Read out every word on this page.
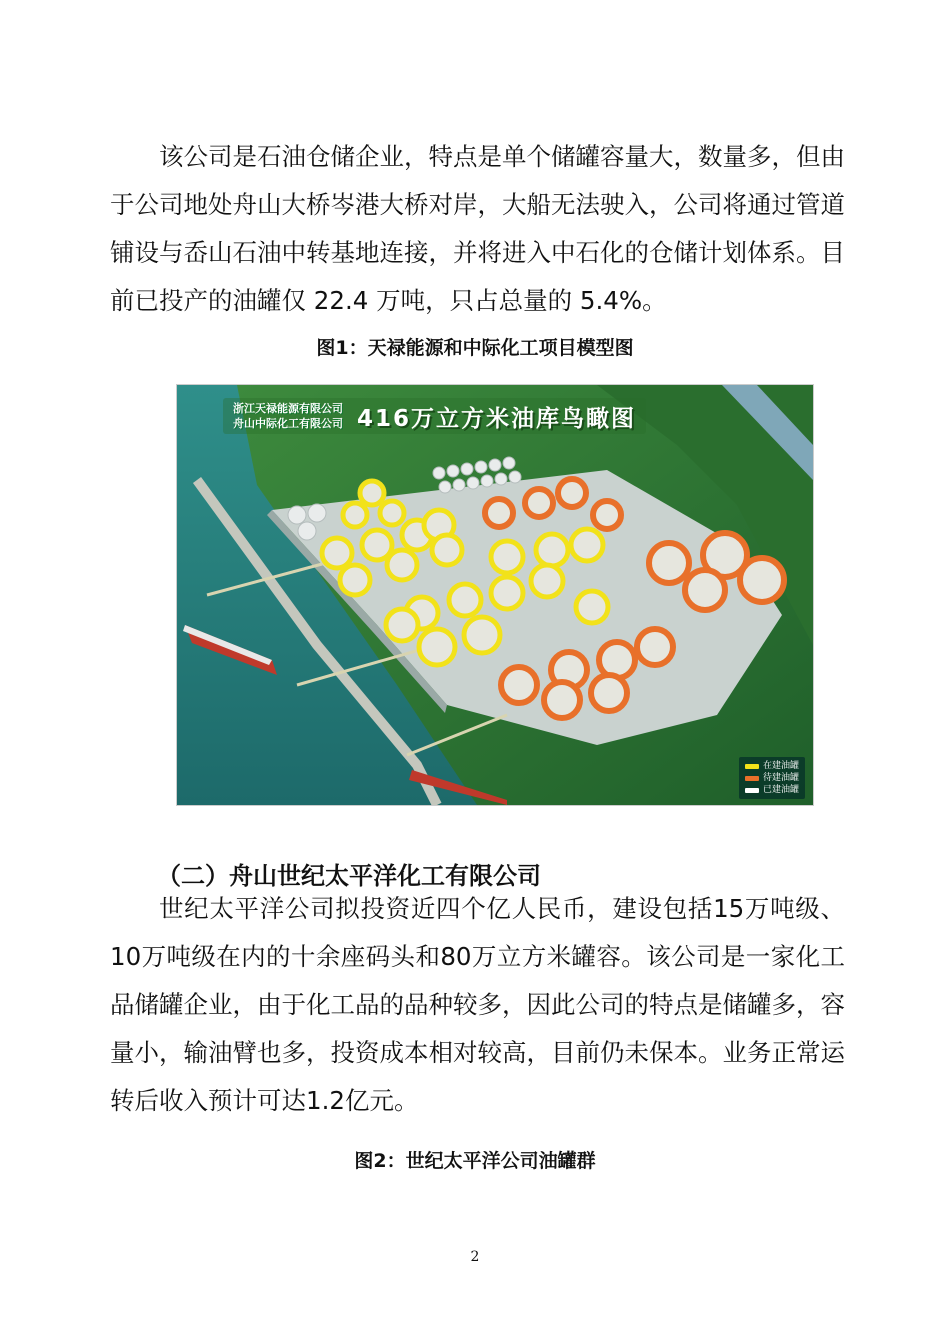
该公司是石油仓储企业，特点是单个储罐容量大，数量多，但由于公司地处舟山大桥岑港大桥对岸，大船无法驶入，公司将通过管道铺设与岙山石油中转基地连接，并将进入中石化的仓储计划体系。目前已投产的油罐仅 22.4 万吨，只占总量的 5.4%。

图1：天禄能源和中际化工项目模型图

浙江天禄能源有限公司
舟山中际化工有限公司 416万立方米油库鸟瞰图
在建油罐
待建油罐
已建油罐

（二）舟山世纪太平洋化工有限公司

世纪太平洋公司拟投资近四个亿人民币，建设包括15万吨级、10万吨级在内的十余座码头和80万立方米罐容。该公司是一家化工品储罐企业，由于化工品的品种较多，因此公司的特点是储罐多，容量小，输油臂也多，投资成本相对较高，目前仍未保本。业务正常运转后收入预计可达1.2亿元。

图2：世纪太平洋公司油罐群

2
